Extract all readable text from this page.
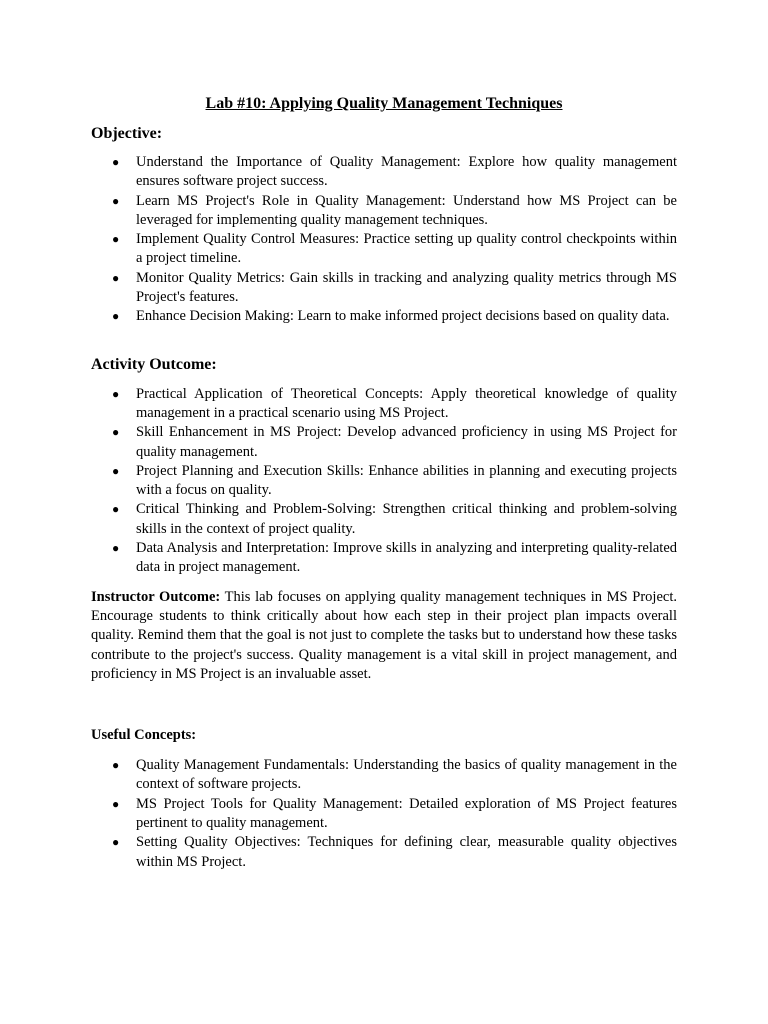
Lab #10: Applying Quality Management Techniques
Objective:
● Understand the Importance of Quality Management: Explore how quality management ensures software project success.
● Learn MS Project's Role in Quality Management: Understand how MS Project can be leveraged for implementing quality management techniques.
● Implement Quality Control Measures: Practice setting up quality control checkpoints within a project timeline.
● Monitor Quality Metrics: Gain skills in tracking and analyzing quality metrics through MS Project's features.
● Enhance Decision Making: Learn to make informed project decisions based on quality data.
Activity Outcome:
● Practical Application of Theoretical Concepts: Apply theoretical knowledge of quality management in a practical scenario using MS Project.
● Skill Enhancement in MS Project: Develop advanced proficiency in using MS Project for quality management.
● Project Planning and Execution Skills: Enhance abilities in planning and executing projects with a focus on quality.
● Critical Thinking and Problem-Solving: Strengthen critical thinking and problem-solving skills in the context of project quality.
● Data Analysis and Interpretation: Improve skills in analyzing and interpreting quality-related data in project management.

Instructor Outcome: This lab focuses on applying quality management techniques in MS Project. Encourage students to think critically about how each step in their project plan impacts overall quality. Remind them that the goal is not just to complete the tasks but to understand how these tasks contribute to the project's success. Quality management is a vital skill in project management, and proficiency in MS Project is an invaluable asset.

Useful Concepts:
● Quality Management Fundamentals: Understanding the basics of quality management in the context of software projects.
● MS Project Tools for Quality Management: Detailed exploration of MS Project features pertinent to quality management.
● Setting Quality Objectives: Techniques for defining clear, measurable quality objectives within MS Project.
